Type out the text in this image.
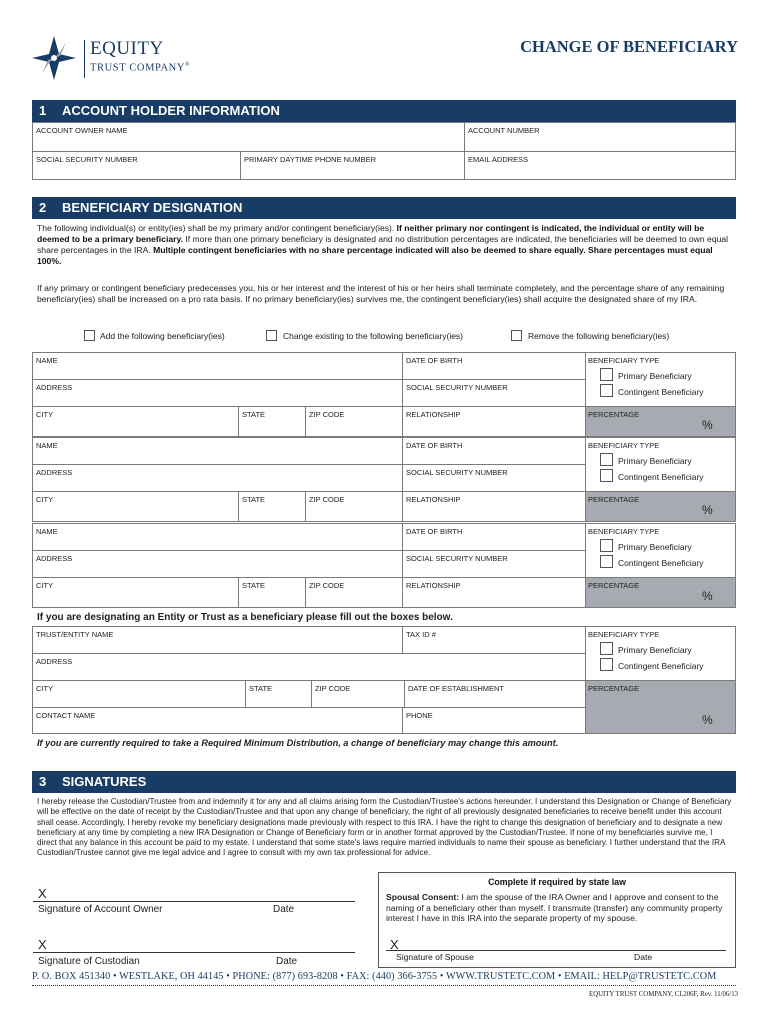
EQUITY
TRUST COMPANY®
CHANGE OF BENEFICIARY
1 ACCOUNT HOLDER INFORMATION
ACCOUNT OWNER NAME	ACCOUNT NUMBER
SOCIAL SECURITY NUMBER	PRIMARY DAYTIME PHONE NUMBER	EMAIL ADDRESS
2 BENEFICIARY DESIGNATION
The following individual(s) or entity(ies) shall be my primary and/or contingent beneficiary(ies). If neither primary nor contingent is indicated, the individual or entity will be deemed to be a primary beneficiary. If more than one primary beneficiary is designated and no distribution percentages are indicated, the beneficiaries will be deemed to own equal share percentages in the IRA. Multiple contingent beneficiaries with no share percentage indicated will also be deemed to share equally. Share percentages must equal 100%.
If any primary or contingent beneficiary predeceases you, his or her interest and the interest of his or her heirs shall terminate completely, and the percentage share of any remaining beneficiary(ies) shall be increased on a pro rata basis. If no primary beneficiary(ies) survives me, the contingent beneficiary(ies) shall acquire the designated share of my IRA.
Add the following beneficiary(ies)	Change existing to the following beneficiary(ies)	Remove the following beneficiary(ies)
NAME	DATE OF BIRTH	BENEFICIARY TYPE
Primary Beneficiary
Contingent Beneficiary
ADDRESS	SOCIAL SECURITY NUMBER
CITY	STATE	ZIP CODE	RELATIONSHIP	PERCENTAGE
%
NAME	DATE OF BIRTH	BENEFICIARY TYPE
Primary Beneficiary
Contingent Beneficiary
ADDRESS	SOCIAL SECURITY NUMBER
CITY	STATE	ZIP CODE	RELATIONSHIP	PERCENTAGE
%
NAME	DATE OF BIRTH	BENEFICIARY TYPE
Primary Beneficiary
Contingent Beneficiary
ADDRESS	SOCIAL SECURITY NUMBER
CITY	STATE	ZIP CODE	RELATIONSHIP	PERCENTAGE
%
If you are designating an Entity or Trust as a beneficiary please fill out the boxes below.
TRUST/ENTITY NAME	TAX ID #	BENEFICIARY TYPE
Primary Beneficiary
Contingent Beneficiary
ADDRESS
CITY	STATE	ZIP CODE	DATE OF ESTABLISHMENT	PERCENTAGE
%
CONTACT NAME	PHONE
If you are currently required to take a Required Minimum Distribution, a change of beneficiary may change this amount.
3 SIGNATURES
I hereby release the Custodian/Trustee from and indemnify it for any and all claims arising form the Custodian/Trustee's actions hereunder. I understand this Designation or Change of Beneficiary will be effective on the date of receipt by the Custodian/Trustee and that upon any change of beneficiary, the right of all previously designated beneficiaries to receive benefit under this account shall cease. Accordingly, I hereby revoke my beneficiary designations made previously with respect to this IRA. I have the right to change this designation of beneficiary and to designate a new beneficiary at any time by completing a new IRA Designation or Change of Beneficiary form or in another format approved by the Custodian/Trustee. If none of my beneficiaries survive me, I direct that any balance in this account be paid to my estate. I understand that some state's laws require married individuals to name their spouse as beneficiary. I further understand that the IRA Custodian/Trustee cannot give me legal advice and I agree to consult with my own tax professional for advice.
X
Signature of Account Owner	Date
X
Signature of Custodian	Date
Complete if required by state law
Spousal Consent: I am the spouse of the IRA Owner and I approve and consent to the naming of a beneficiary other than myself. I transmute (transfer) any community property interest I have in this IRA into the separate property of my spouse.
X
Signature of Spouse	Date
P. O. BOX 451340 • WESTLAKE, OH 44145 • PHONE: (877) 693-8208 • FAX: (440) 366-3755 • WWW.TRUSTETC.COM • EMAIL: HELP@TRUSTETC.COM
EQUITY TRUST COMPANY, CL206F, Rev. 11/06/13
